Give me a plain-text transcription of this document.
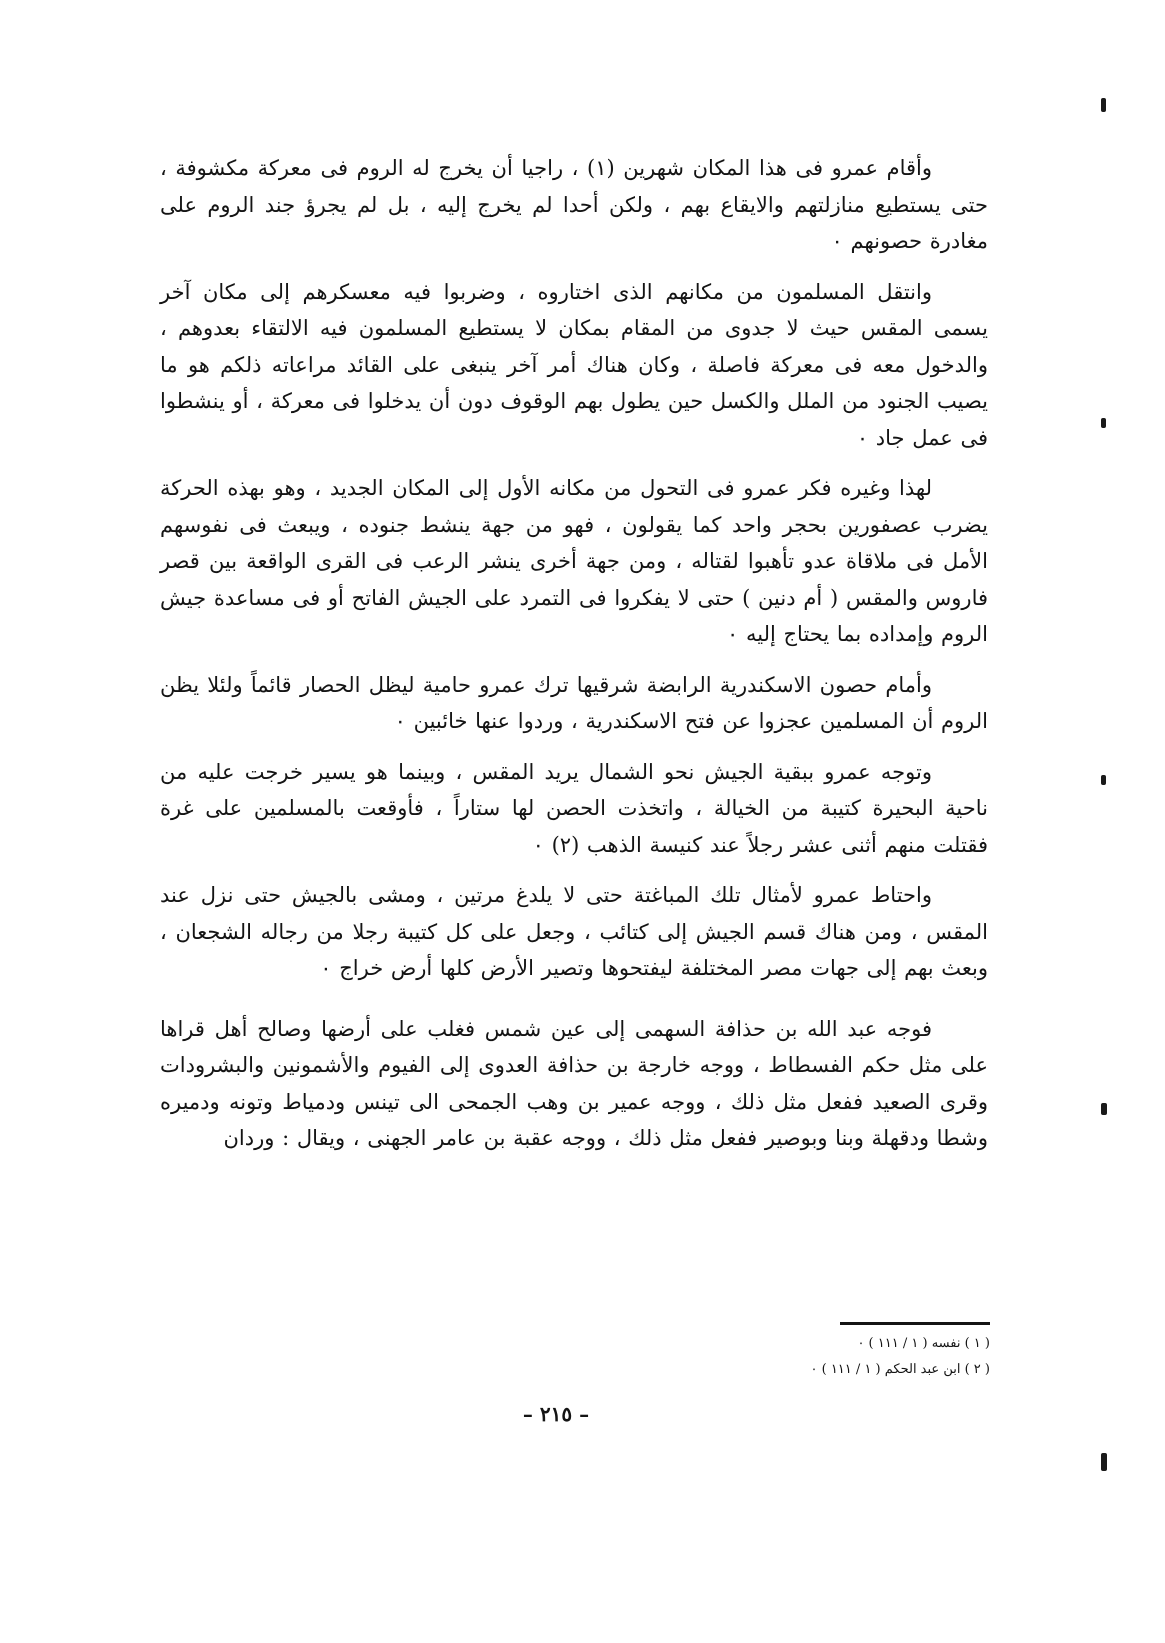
وأقام عمرو فى هذا المكان شهرين (١) ، راجيا أن يخرج له الروم فى معركة مكشوفة ، حتى يستطيع منازلتهم والايقاع بهم ، ولكن أحدا لم يخرج إليه ، بل لم يجرؤ جند الروم على مغادرة حصونهم ٠

وانتقل المسلمون من مكانهم الذى اختاروه ، وضربوا فيه معسكرهم إلى مكان آخر يسمى المقس حيث لا جدوى من المقام بمكان لا يستطيع المسلمون فيه الالتقاء بعدوهم ، والدخول معه فى معركة فاصلة ، وكان هناك أمر آخر ينبغى على القائد مراعاته ذلكم هو ما يصيب الجنود من الملل والكسل حين يطول بهم الوقوف دون أن يدخلوا فى معركة ، أو ينشطوا فى عمل جاد ٠

لهذا وغيره فكر عمرو فى التحول من مكانه الأول إلى المكان الجديد ، وهو بهذه الحركة يضرب عصفورين بحجر واحد كما يقولون ، فهو من جهة ينشط جنوده ، ويبعث فى نفوسهم الأمل فى ملاقاة عدو تأهبوا لقتاله ، ومن جهة أخرى ينشر الرعب فى القرى الواقعة بين قصر فاروس والمقس ( أم دنين ) حتى لا يفكروا فى التمرد على الجيش الفاتح أو فى مساعدة جيش الروم وإمداده بما يحتاج إليه ٠

وأمام حصون الاسكندرية الرابضة شرقيها ترك عمرو حامية ليظل الحصار قائماً ولئلا يظن الروم أن المسلمين عجزوا عن فتح الاسكندرية ، وردوا عنها خائبين ٠

وتوجه عمرو ببقية الجيش نحو الشمال يريد المقس ، وبينما هو يسير خرجت عليه من ناحية البحيرة كتيبة من الخيالة ، واتخذت الحصن لها ستاراً ، فأوقعت بالمسلمين على غرة فقتلت منهم أثنى عشر رجلاً عند كنيسة الذهب (٢) ٠

واحتاط عمرو لأمثال تلك المباغتة حتى لا يلدغ مرتين ، ومشى بالجيش حتى نزل عند المقس ، ومن هناك قسم الجيش إلى كتائب ، وجعل على كل كتيبة رجلا من رجاله الشجعان ، وبعث بهم إلى جهات مصر المختلفة ليفتحوها وتصير الأرض كلها أرض خراج ٠

فوجه عبد الله بن حذافة السهمى إلى عين شمس فغلب على أرضها وصالح أهل قراها على مثل حكم الفسطاط ، ووجه خارجة بن حذافة العدوى إلى الفيوم والأشمونين والبشرودات وقرى الصعيد ففعل مثل ذلك ، ووجه عمير بن وهب الجمحى الى تينس ودمياط وتونه ودميره وشطا ودقهلة وبنا وبوصير ففعل مثل ذلك ، ووجه عقبة بن عامر الجهنى ، ويقال : وردان

( ١ ) نفسه ( ١ / ١١١ ) ٠

( ٢ ) ابن عبد الحكم ( ١ / ١١١ ) ٠

– ٢١٥ –
